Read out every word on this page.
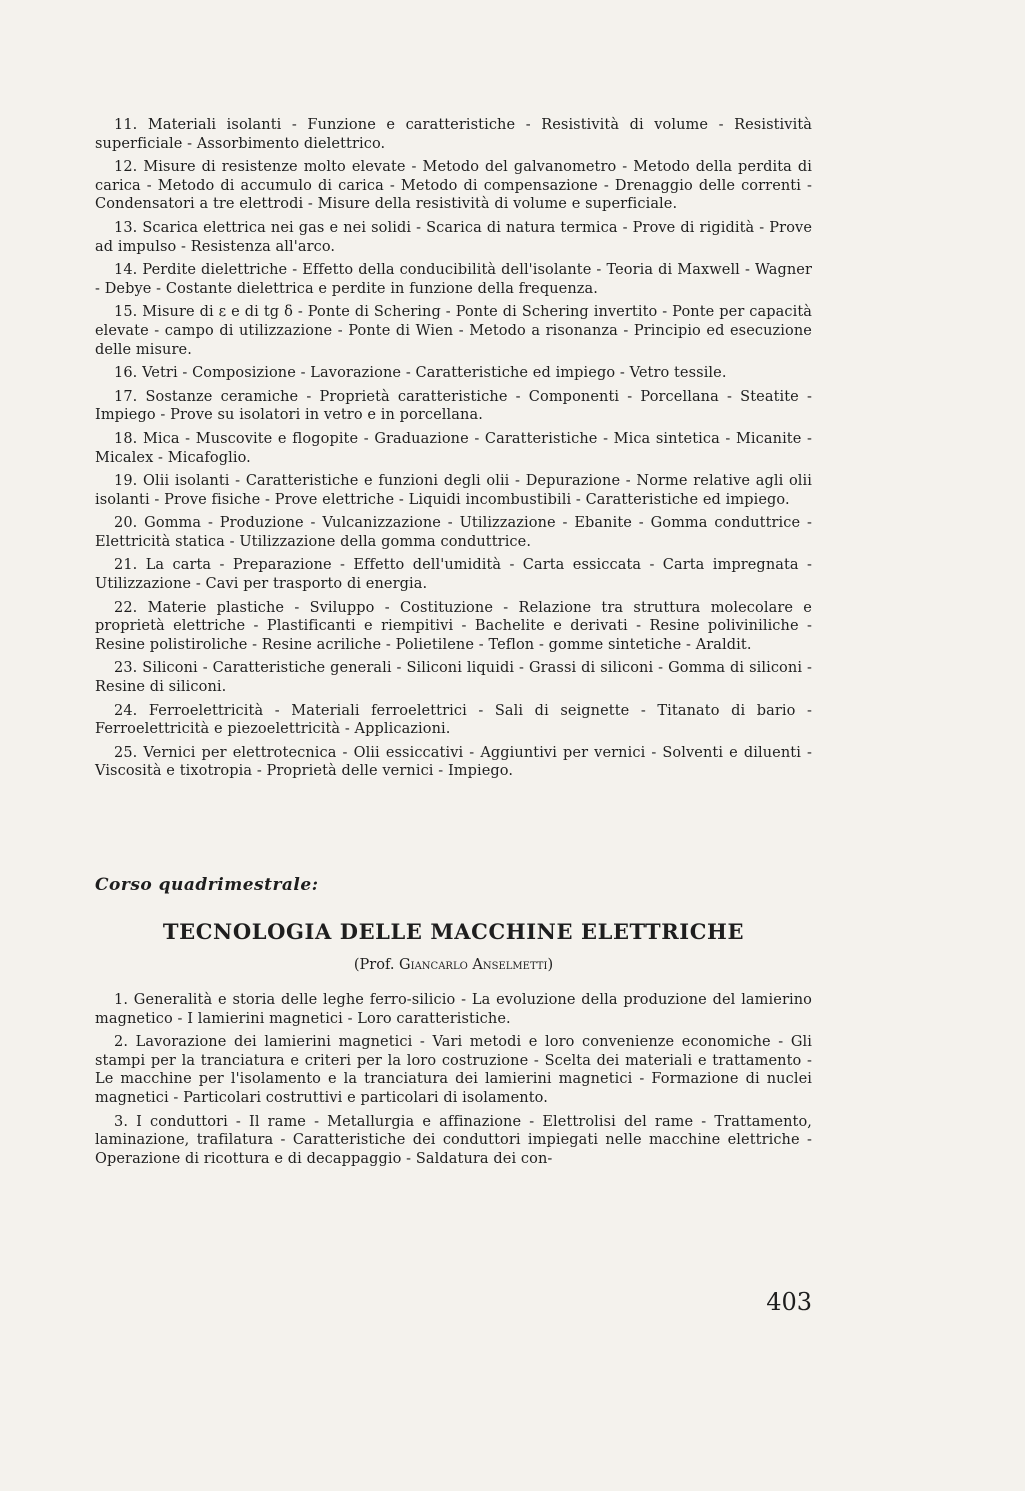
11. Materiali isolanti - Funzione e caratteristiche - Resistività di volume - Resistività superficiale - Assorbimento dielettrico.

12. Misure di resistenze molto elevate - Metodo del galvanometro - Metodo della perdita di carica - Metodo di accumulo di carica - Metodo di compensazione - Drenaggio delle correnti - Condensatori a tre elettrodi - Misure della resistività di volume e superficiale.

13. Scarica elettrica nei gas e nei solidi - Scarica di natura termica - Prove di rigidità - Prove ad impulso - Resistenza all'arco.

14. Perdite dielettriche - Effetto della conducibilità dell'isolante - Teoria di Maxwell - Wagner - Debye - Costante dielettrica e perdite in funzione della frequenza.

15. Misure di ε e di tg δ - Ponte di Schering - Ponte di Schering invertito - Ponte per capacità elevate - campo di utilizzazione - Ponte di Wien - Metodo a risonanza - Principio ed esecuzione delle misure.

16. Vetri - Composizione - Lavorazione - Caratteristiche ed impiego - Vetro tessile.

17. Sostanze ceramiche - Proprietà caratteristiche - Componenti - Porcellana - Steatite - Impiego - Prove su isolatori in vetro e in porcellana.

18. Mica - Muscovite e flogopite - Graduazione - Caratteristiche - Mica sintetica - Micanite - Micalex - Micafoglio.

19. Olii isolanti - Caratteristiche e funzioni degli olii - Depurazione - Norme relative agli olii isolanti - Prove fisiche - Prove elettriche - Liquidi incombustibili - Caratteristiche ed impiego.

20. Gomma - Produzione - Vulcanizzazione - Utilizzazione - Ebanite - Gomma conduttrice - Elettricità statica - Utilizzazione della gomma conduttrice.

21. La carta - Preparazione - Effetto dell'umidità - Carta essiccata - Carta impregnata - Utilizzazione - Cavi per trasporto di energia.

22. Materie plastiche - Sviluppo - Costituzione - Relazione tra struttura molecolare e proprietà elettriche - Plastificanti e riempitivi - Bachelite e derivati - Resine poliviniliche - Resine polistiroliche - Resine acriliche - Polietilene - Teflon - gomme sintetiche - Araldit.

23. Siliconi - Caratteristiche generali - Siliconi liquidi - Grassi di siliconi - Gomma di siliconi - Resine di siliconi.

24. Ferroelettricità - Materiali ferroelettrici - Sali di seignette - Titanato di bario - Ferroelettricità e piezoelettricità - Applicazioni.

25. Vernici per elettrotecnica - Olii essiccativi - Aggiuntivi per vernici - Solventi e diluenti - Viscosità e tixotropia - Proprietà delle vernici - Impiego.

Corso quadrimestrale:

TECNOLOGIA DELLE MACCHINE ELETTRICHE

(Prof. Giancarlo Anselmetti)

1. Generalità e storia delle leghe ferro-silicio - La evoluzione della produzione del lamierino magnetico - I lamierini magnetici - Loro caratteristiche.

2. Lavorazione dei lamierini magnetici - Vari metodi e loro convenienze economiche - Gli stampi per la tranciatura e criteri per la loro costruzione - Scelta dei materiali e trattamento - Le macchine per l'isolamento e la tranciatura dei lamierini magnetici - Formazione di nuclei magnetici - Particolari costruttivi e particolari di isolamento.

3. I conduttori - Il rame - Metallurgia e affinazione - Elettrolisi del rame - Trattamento, laminazione, trafilatura - Caratteristiche dei conduttori impiegati nelle macchine elettriche - Operazione di ricottura e di decappaggio - Saldatura dei con-

403
